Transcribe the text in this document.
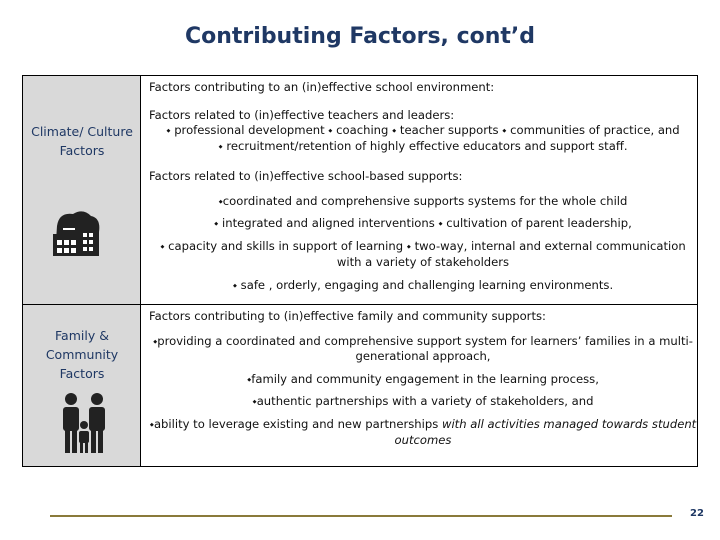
Contributing Factors, cont’d
Climate/ Culture Factors
Family & Community Factors
Factors contributing to an (in)effective school environment:
Factors related to (in)effective teachers and leaders:
⬩ professional development ⬩ coaching ⬩ teacher supports ⬩ communities of practice, and
⬩ recruitment/retention of highly effective educators and support staff.
Factors related to (in)effective school-based supports:
⬩coordinated and comprehensive supports systems for the whole child
⬩ integrated and aligned interventions ⬩ cultivation of parent leadership,
⬩ capacity and skills in support of learning ⬩ two-way, internal and external communication
with a variety of stakeholders
⬩ safe , orderly, engaging and challenging learning environments.
Factors contributing to (in)effective family and community supports:
⬩providing a coordinated and comprehensive support system for learners’ families in a multi-
generational approach,
⬩family and community engagement in the learning process,
⬩authentic partnerships with a variety of stakeholders, and
⬩ability to leverage existing and new partnerships with all activities managed towards student
outcomes
22
